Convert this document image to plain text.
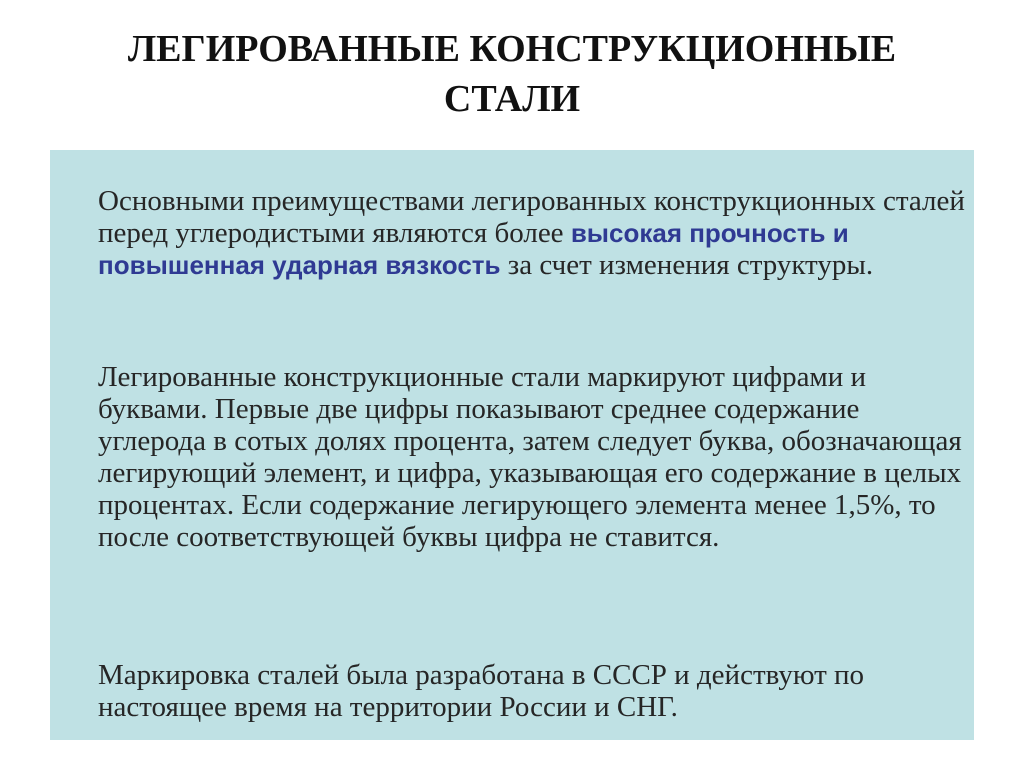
ЛЕГИРОВАННЫЕ КОНСТРУКЦИОННЫЕ
СТАЛИ

Основными преимуществами легированных конструкционных сталей перед углеродистыми являются более высокая прочность и повышенная ударная вязкость за счет изменения структуры.

Легированные конструкционные стали маркируют цифрами и буквами. Первые две цифры показывают среднее содержание углерода в сотых долях процента, затем следует буква, обозначающая легирующий элемент, и цифра, указывающая его содержание в целых процентах. Если содержание легирующего элемента менее 1,5%, то после соответствующей буквы цифра не ставится.

Маркировка сталей была разработана в СССР и действуют по настоящее время на территории России и СНГ.
